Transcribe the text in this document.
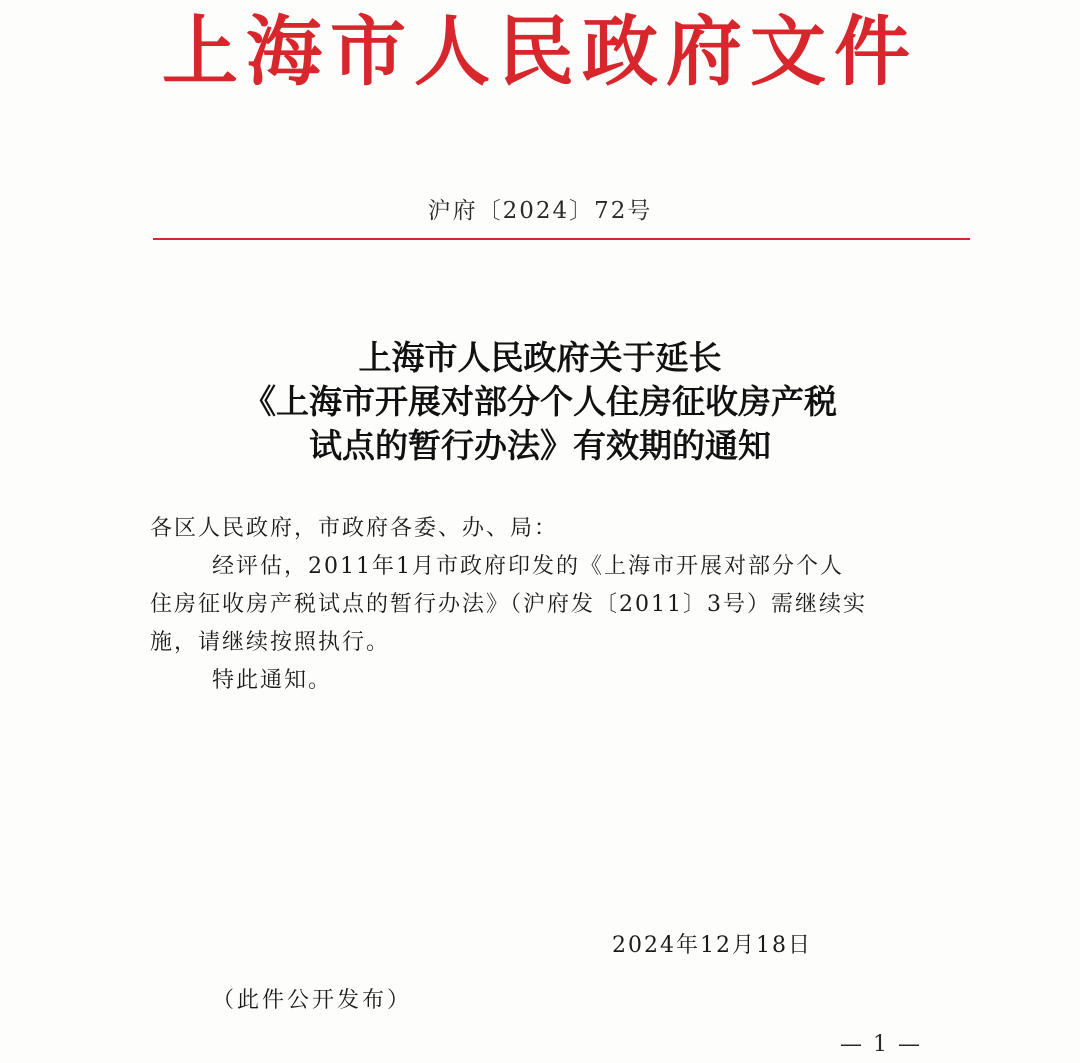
上海市人民政府文件
沪府〔2024〕72号
上海市人民政府关于延长
《上海市开展对部分个人住房征收房产税
试点的暂行办法》有效期的通知
各区人民政府，市政府各委、办、局：
经评估，2011年1月市政府印发的《上海市开展对部分个人
住房征收房产税试点的暂行办法》（沪府发〔2011〕3号）需继续实
施，请继续按照执行。
特此通知。
2024年12月18日
（此件公开发布）
— 1 —
